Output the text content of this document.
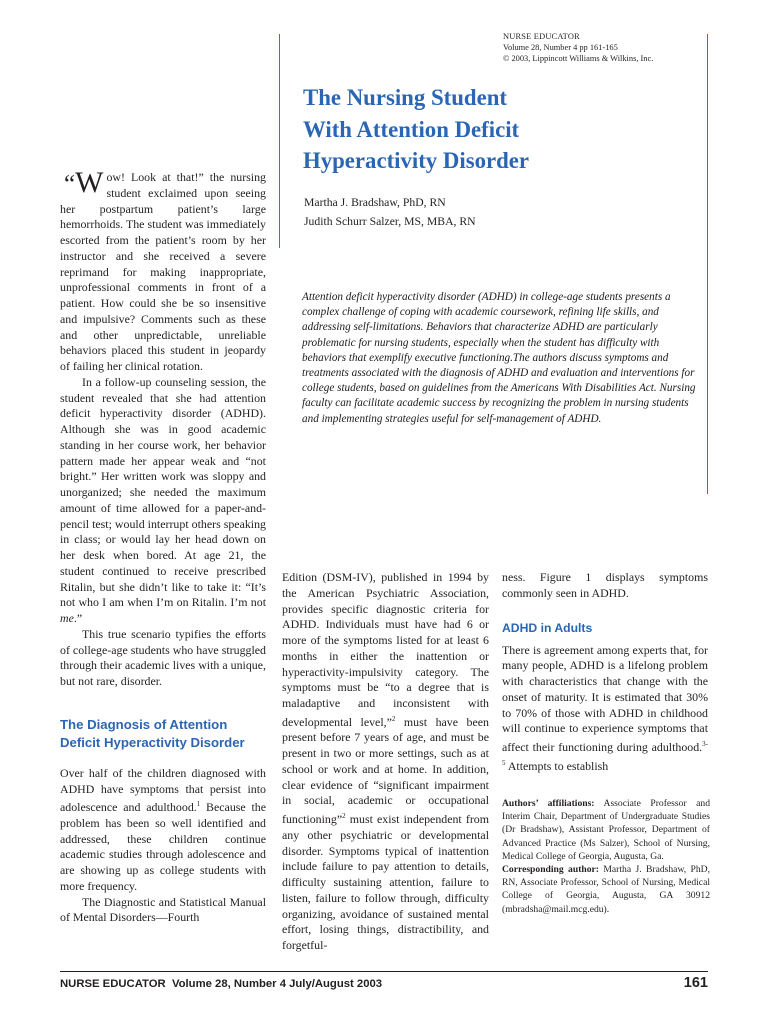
NURSE EDUCATOR
Volume 28, Number 4 pp 161-165
© 2003, Lippincott Williams & Wilkins, Inc.
The Nursing Student
With Attention Deficit
Hyperactivity Disorder
Martha J. Bradshaw, PhD, RN
Judith Schurr Salzer, MS, MBA, RN

Attention deficit hyperactivity disorder (ADHD) in college-age students presents a complex challenge of coping with academic coursework, refining life skills, and addressing self-limitations. Behaviors that characterize ADHD are particularly problematic for nursing students, especially when the student has difficulty with behaviors that exemplify executive functioning.The authors discuss symptoms and treatments associated with the diagnosis of ADHD and evaluation and interventions for college students, based on guidelines from the Americans With Disabilities Act. Nursing faculty can facilitate academic success by recognizing the problem in nursing students and implementing strategies useful for self-management of ADHD.

“W ow! Look at that!” the nursing student exclaimed upon seeing her postpartum patient’s large hemorrhoids. The student was immediately escorted from the patient’s room by her instructor and she received a severe reprimand for making inappropriate, unprofessional comments in front of a patient. How could she be so insensitive and impulsive? Comments such as these and other unpredictable, unreliable behaviors placed this student in jeopardy of failing her clinical rotation.

In a follow-up counseling session, the student revealed that she had attention deficit hyperactivity disorder (ADHD). Although she was in good academic standing in her course work, her behavior pattern made her appear weak and “not bright.” Her written work was sloppy and unorganized; she needed the maximum amount of time allowed for a paper-and-pencil test; would interrupt others speaking in class; or would lay her head down on her desk when bored. At age 21, the student continued to receive prescribed Ritalin, but she didn’t like to take it: “It’s not who I am when I’m on Ritalin. I’m not me.”

This true scenario typifies the efforts of college-age students who have struggled through their academic lives with a unique, but not rare, disorder.

The Diagnosis of Attention Deficit Hyperactivity Disorder

Over half of the children diagnosed with ADHD have symptoms that persist into adolescence and adulthood.$^1$ Because the problem has been so well identified and addressed, these children continue academic studies through adolescence and are showing up as college students with more frequency.

The Diagnostic and Statistical Manual of Mental Disorders—Fourth

Edition (DSM-IV), published in 1994 by the American Psychiatric Association, provides specific diagnostic criteria for ADHD. Individuals must have had 6 or more of the symptoms listed for at least 6 months in either the inattention or hyperactivity-impulsivity category. The symptoms must be “to a degree that is maladaptive and inconsistent with developmental level,”$^2$ must have been present before 7 years of age, and must be present in two or more settings, such as at school or work and at home. In addition, clear evidence of “significant impairment in social, academic or occupational functioning”$^2$ must exist independent from any other psychiatric or developmental disorder. Symptoms typical of inattention include failure to pay attention to details, difficulty sustaining attention, failure to listen, failure to follow through, difficulty organizing, avoidance of sustained mental effort, losing things, distractibility, and forgetful-

ness. Figure 1 displays symptoms commonly seen in ADHD.

ADHD in Adults

There is agreement among experts that, for many people, ADHD is a lifelong problem with characteristics that change with the onset of maturity. It is estimated that 30% to 70% of those with ADHD in childhood will continue to experience symptoms that affect their functioning during adulthood.$^{3-5}$ Attempts to establish

Authors’ affiliations: Associate Professor and Interim Chair, Department of Undergraduate Studies (Dr Bradshaw), Assistant Professor, Department of Advanced Practice (Ms Salzer), School of Nursing, Medical College of Georgia, Augusta, Ga.

Corresponding author: Martha J. Bradshaw, PhD, RN, Associate Professor, School of Nursing, Medical College of Georgia, Augusta, GA 30912 (mbradsha@mail.mcg.edu).

NURSE EDUCATOR Volume 28, Number 4 July/August 2003	161
